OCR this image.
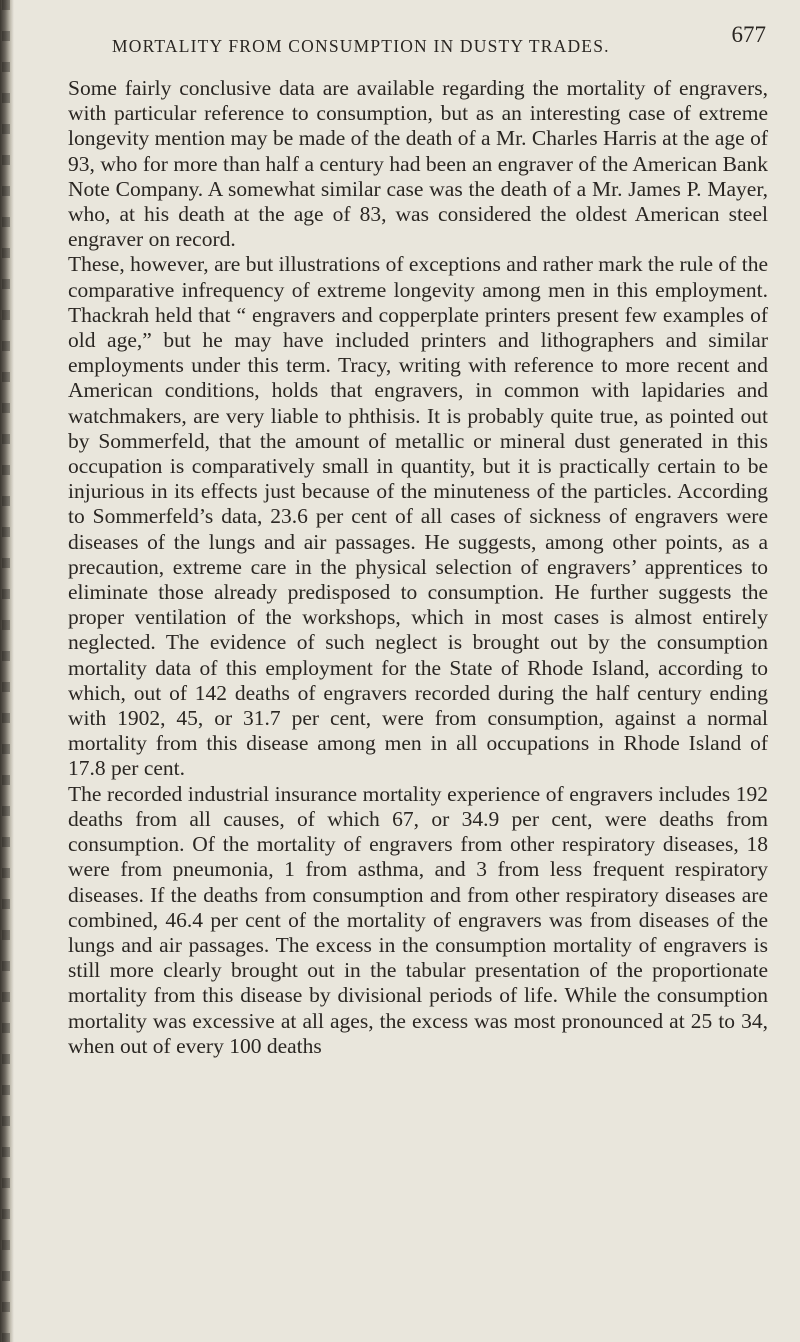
MORTALITY FROM CONSUMPTION IN DUSTY TRADES.	677

Some fairly conclusive data are available regarding the mortality of engravers, with particular reference to consumption, but as an interesting case of extreme longevity mention may be made of the death of a Mr. Charles Harris at the age of 93, who for more than half a century had been an engraver of the American Bank Note Company. A somewhat similar case was the death of a Mr. James P. Mayer, who, at his death at the age of 83, was considered the oldest American steel engraver on record.

These, however, are but illustrations of exceptions and rather mark the rule of the comparative infrequency of extreme longevity among men in this employment. Thackrah held that “ engravers and copperplate printers present few examples of old age,” but he may have included printers and lithographers and similar employments under this term. Tracy, writing with reference to more recent and American conditions, holds that engravers, in common with lapidaries and watchmakers, are very liable to phthisis. It is probably quite true, as pointed out by Sommerfeld, that the amount of metallic or mineral dust generated in this occupation is comparatively small in quantity, but it is practically certain to be injurious in its effects just because of the minuteness of the particles. According to Sommerfeld’s data, 23.6 per cent of all cases of sickness of engravers were diseases of the lungs and air passages. He suggests, among other points, as a precaution, extreme care in the physical selection of engravers’ apprentices to eliminate those already predisposed to consumption. He further suggests the proper ventilation of the workshops, which in most cases is almost entirely neglected. The evidence of such neglect is brought out by the consumption mortality data of this employment for the State of Rhode Island, according to which, out of 142 deaths of engravers recorded during the half century ending with 1902, 45, or 31.7 per cent, were from consumption, against a normal mortality from this disease among men in all occupations in Rhode Island of 17.8 per cent.

The recorded industrial insurance mortality experience of engravers includes 192 deaths from all causes, of which 67, or 34.9 per cent, were deaths from consumption. Of the mortality of engravers from other respiratory diseases, 18 were from pneumonia, 1 from asthma, and 3 from less frequent respiratory diseases. If the deaths from consumption and from other respiratory diseases are combined, 46.4 per cent of the mortality of engravers was from diseases of the lungs and air passages. The excess in the consumption mortality of engravers is still more clearly brought out in the tabular presentation of the proportionate mortality from this disease by divisional periods of life. While the consumption mortality was excessive at all ages, the excess was most pronounced at 25 to 34, when out of every 100 deaths
